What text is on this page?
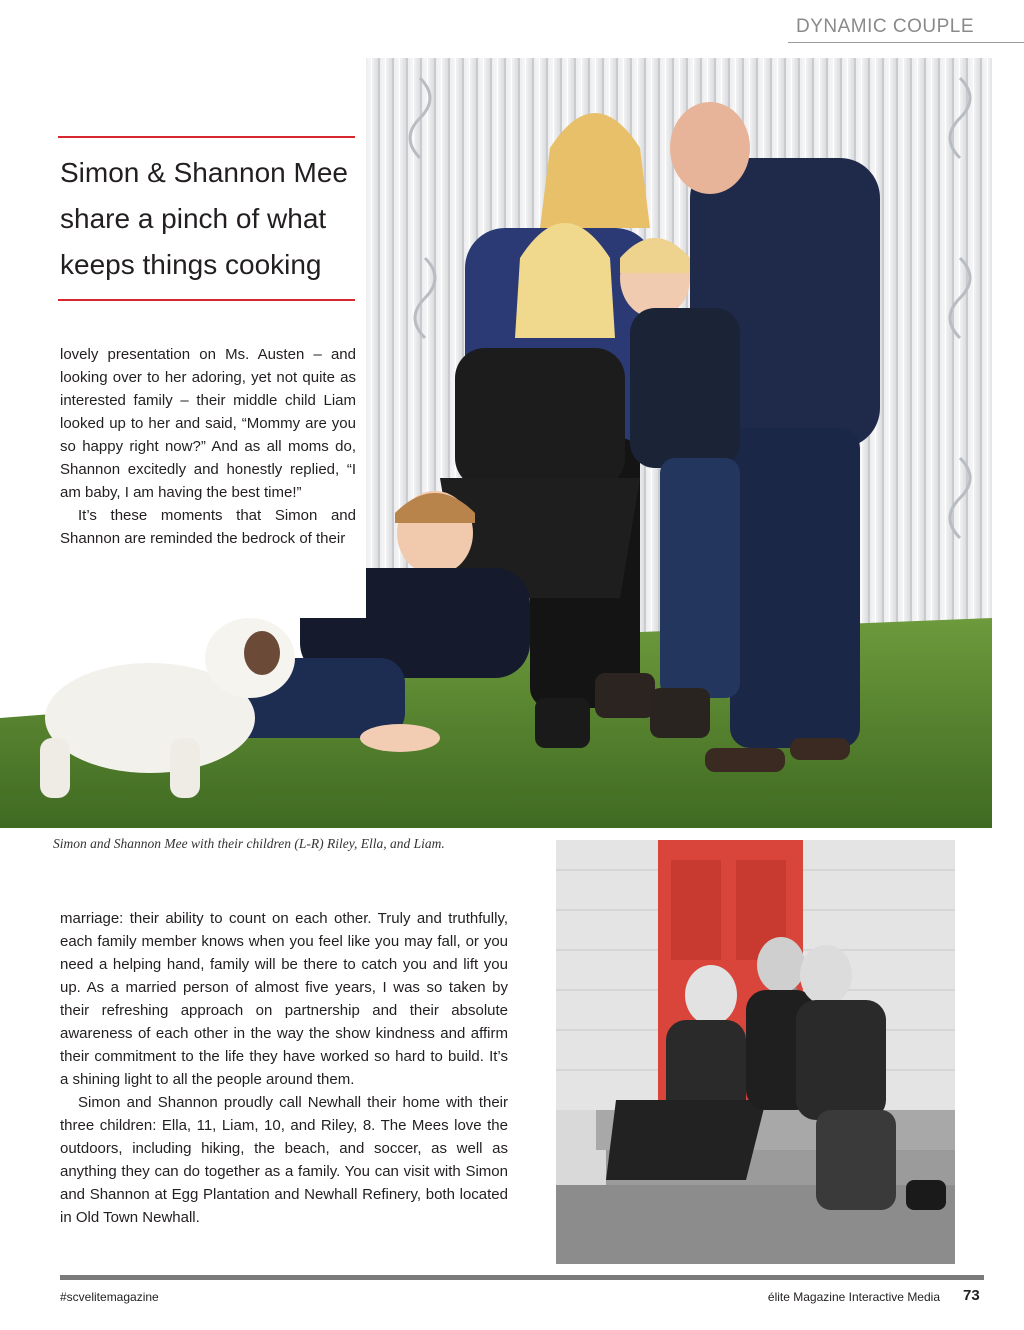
DYNAMIC COUPLE
Simon & Shannon Mee share a pinch of what keeps things cooking

lovely presentation on Ms. Austen – and looking over to her adoring, yet not quite as interested family – their middle child Liam looked up to her and said, “Mommy are you so happy right now?” And as all moms do, Shannon excitedly and honestly replied, “I am baby, I am having the best time!”

It’s these moments that Simon and Shannon are reminded the bedrock of their

Simon and Shannon Mee with their children (L-R) Riley, Ella, and Liam.

marriage: their ability to count on each other. Truly and truthfully, each family member knows when you feel like you may fall, or you need a helping hand, family will be there to catch you and lift you up. As a married person of almost five years, I was so taken by their refreshing approach on partnership and their absolute awareness of each other in the way the show kindness and affirm their commitment to the life they have worked so hard to build. It’s a shining light to all the people around them.

Simon and Shannon proudly call Newhall their home with their three children: Ella, 11, Liam, 10, and Riley, 8. The Mees love the outdoors, including hiking, the beach, and soccer, as well as anything they can do together as a family. You can visit with Simon and Shannon at Egg Plantation and Newhall Refinery, both located in Old Town Newhall.

#scvelitemagazine	élite Magazine Interactive Media 73
